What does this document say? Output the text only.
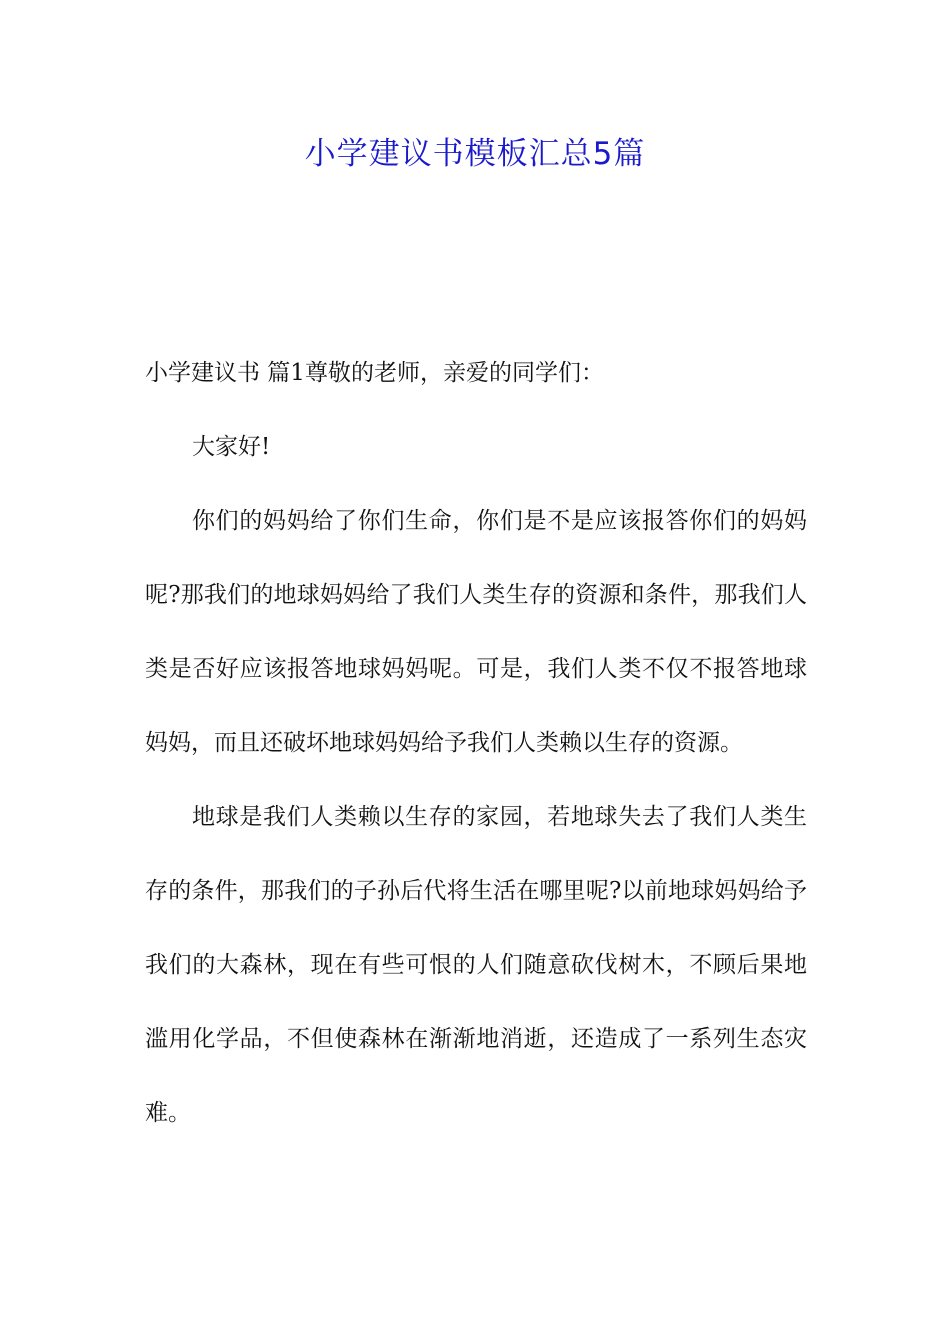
小学建议书模板汇总5篇

小学建议书 篇1尊敬的老师，亲爱的同学们：

大家好!

你们的妈妈给了你们生命，你们是不是应该报答你们的妈妈呢?那我们的地球妈妈给了我们人类生存的资源和条件，那我们人类是否好应该报答地球妈妈呢。可是，我们人类不仅不报答地球妈妈，而且还破坏地球妈妈给予我们人类赖以生存的资源。

地球是我们人类赖以生存的家园，若地球失去了我们人类生存的条件，那我们的子孙后代将生活在哪里呢?以前地球妈妈给予我们的大森林，现在有些可恨的人们随意砍伐树木，不顾后果地滥用化学品，不但使森林在渐渐地消逝，还造成了一系列生态灾难。
